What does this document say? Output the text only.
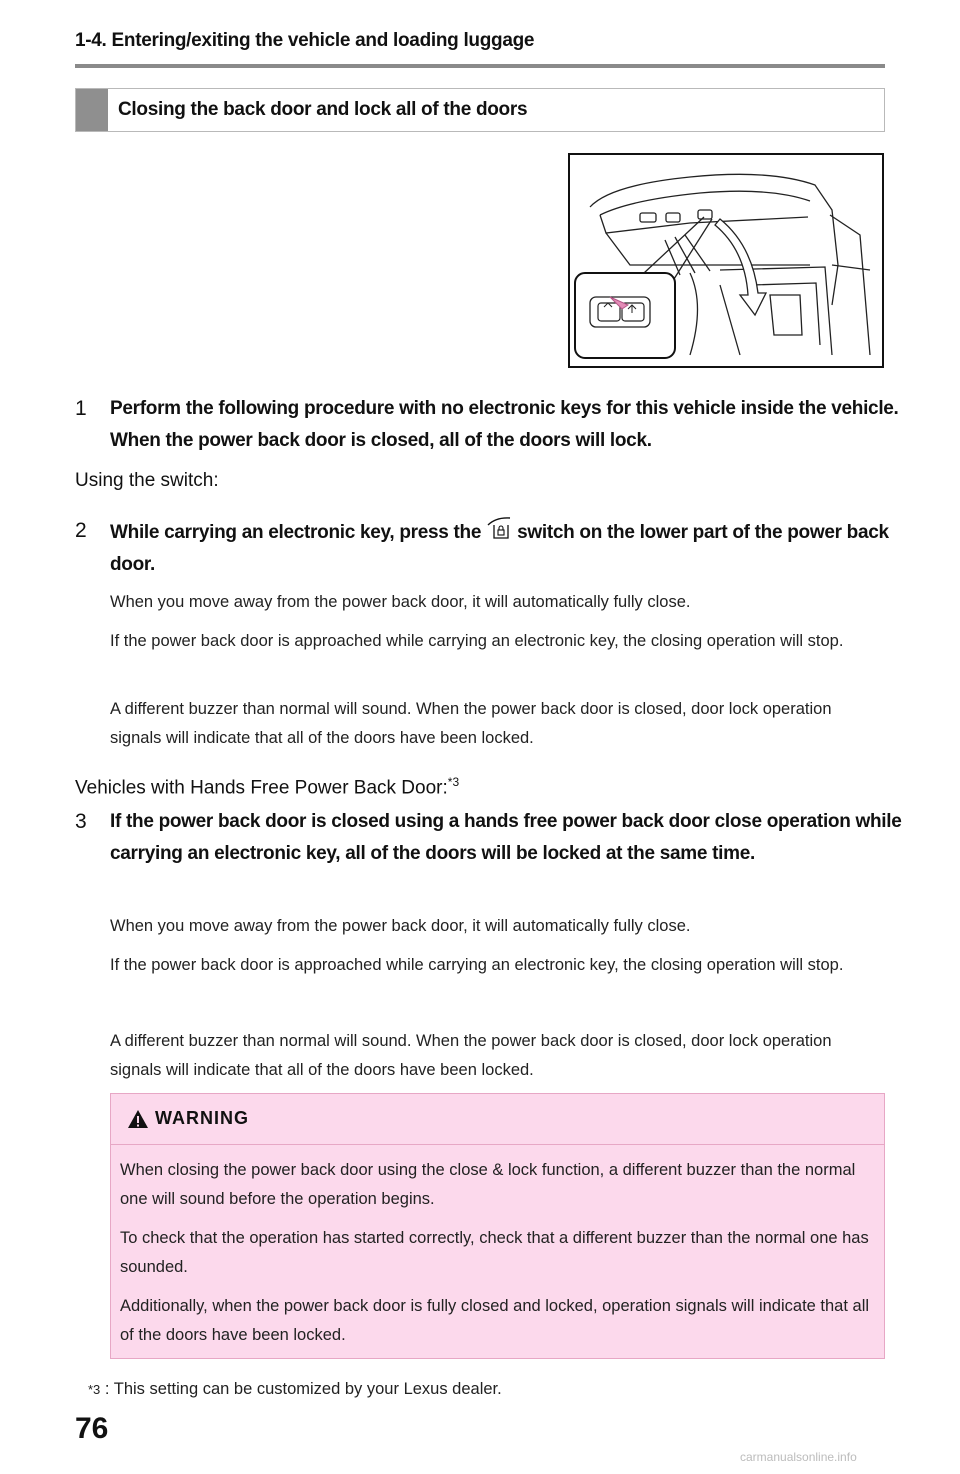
1-4. Entering/exiting the vehicle and loading luggage
Closing the back door and lock all of the doors
1 Perform the following procedure with no electronic keys for this vehicle inside the vehicle. When the power back door is closed, all of the doors will lock.
Using the switch:
2 While carrying an electronic key, press the switch on the lower part of the power back door.
When you move away from the power back door, it will automatically fully close.
If the power back door is approached while carrying an electronic key, the closing operation will stop.
A different buzzer than normal will sound. When the power back door is closed, door lock operation signals will indicate that all of the doors have been locked.
Vehicles with Hands Free Power Back Door:$^{*3}$
3 If the power back door is closed using a hands free power back door close operation while carrying an electronic key, all of the doors will be locked at the same time.
When you move away from the power back door, it will automatically fully close.
If the power back door is approached while carrying an electronic key, the closing operation will stop.
A different buzzer than normal will sound. When the power back door is closed, door lock operation signals will indicate that all of the doors have been locked.
WARNING
When closing the power back door using the close & lock function, a different buzzer than the normal one will sound before the operation begins.
To check that the operation has started correctly, check that a different buzzer than the normal one has sounded.
Additionally, when the power back door is fully closed and locked, operation signals will indicate that all of the doors have been locked.
*3 : This setting can be customized by your Lexus dealer.
76
carmanualsonline.info
